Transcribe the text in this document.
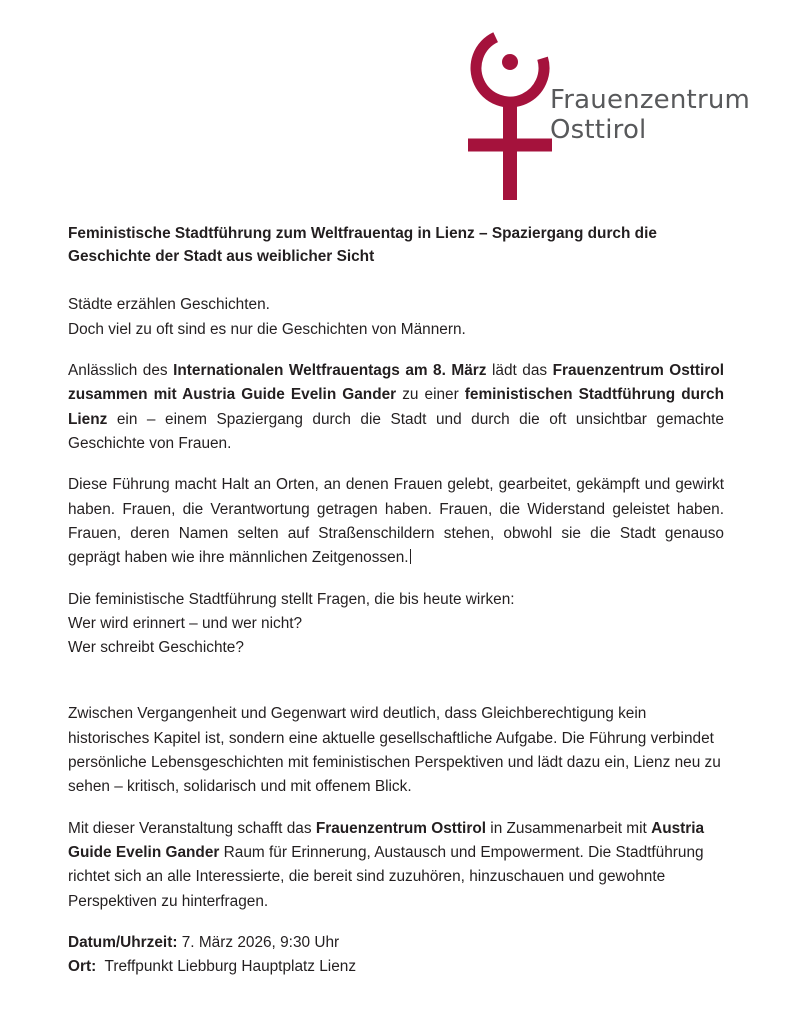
Frauenzentrum
Osttirol

Feministische Stadtführung zum Weltfrauentag in Lienz – Spaziergang durch die Geschichte der Stadt aus weiblicher Sicht

Städte erzählen Geschichten.

Doch viel zu oft sind es nur die Geschichten von Männern.

Anlässlich des Internationalen Weltfrauentags am 8. März lädt das Frauenzentrum Osttirol zusammen mit Austria Guide Evelin Gander zu einer feministischen Stadtführung durch Lienz ein – einem Spaziergang durch die Stadt und durch die oft unsichtbar gemachte Geschichte von Frauen.

Diese Führung macht Halt an Orten, an denen Frauen gelebt, gearbeitet, gekämpft und gewirkt haben. Frauen, die Verantwortung getragen haben. Frauen, die Widerstand geleistet haben. Frauen, deren Namen selten auf Straßenschildern stehen, obwohl sie die Stadt genauso geprägt haben wie ihre männlichen Zeitgenossen.

Die feministische Stadtführung stellt Fragen, die bis heute wirken:

Wer wird erinnert – und wer nicht?

Wer schreibt Geschichte?

Zwischen Vergangenheit und Gegenwart wird deutlich, dass Gleichberechtigung kein historisches Kapitel ist, sondern eine aktuelle gesellschaftliche Aufgabe. Die Führung verbindet persönliche Lebensgeschichten mit feministischen Perspektiven und lädt dazu ein, Lienz neu zu sehen – kritisch, solidarisch und mit offenem Blick.

Mit dieser Veranstaltung schafft das Frauenzentrum Osttirol in Zusammenarbeit mit Austria Guide Evelin Gander Raum für Erinnerung, Austausch und Empowerment. Die Stadtführung richtet sich an alle Interessierte, die bereit sind zuzuhören, hinzuschauen und gewohnte Perspektiven zu hinterfragen.

Datum/Uhrzeit: 7. März 2026, 9:30 Uhr
Ort: Treffpunkt Liebburg Hauptplatz Lienz
